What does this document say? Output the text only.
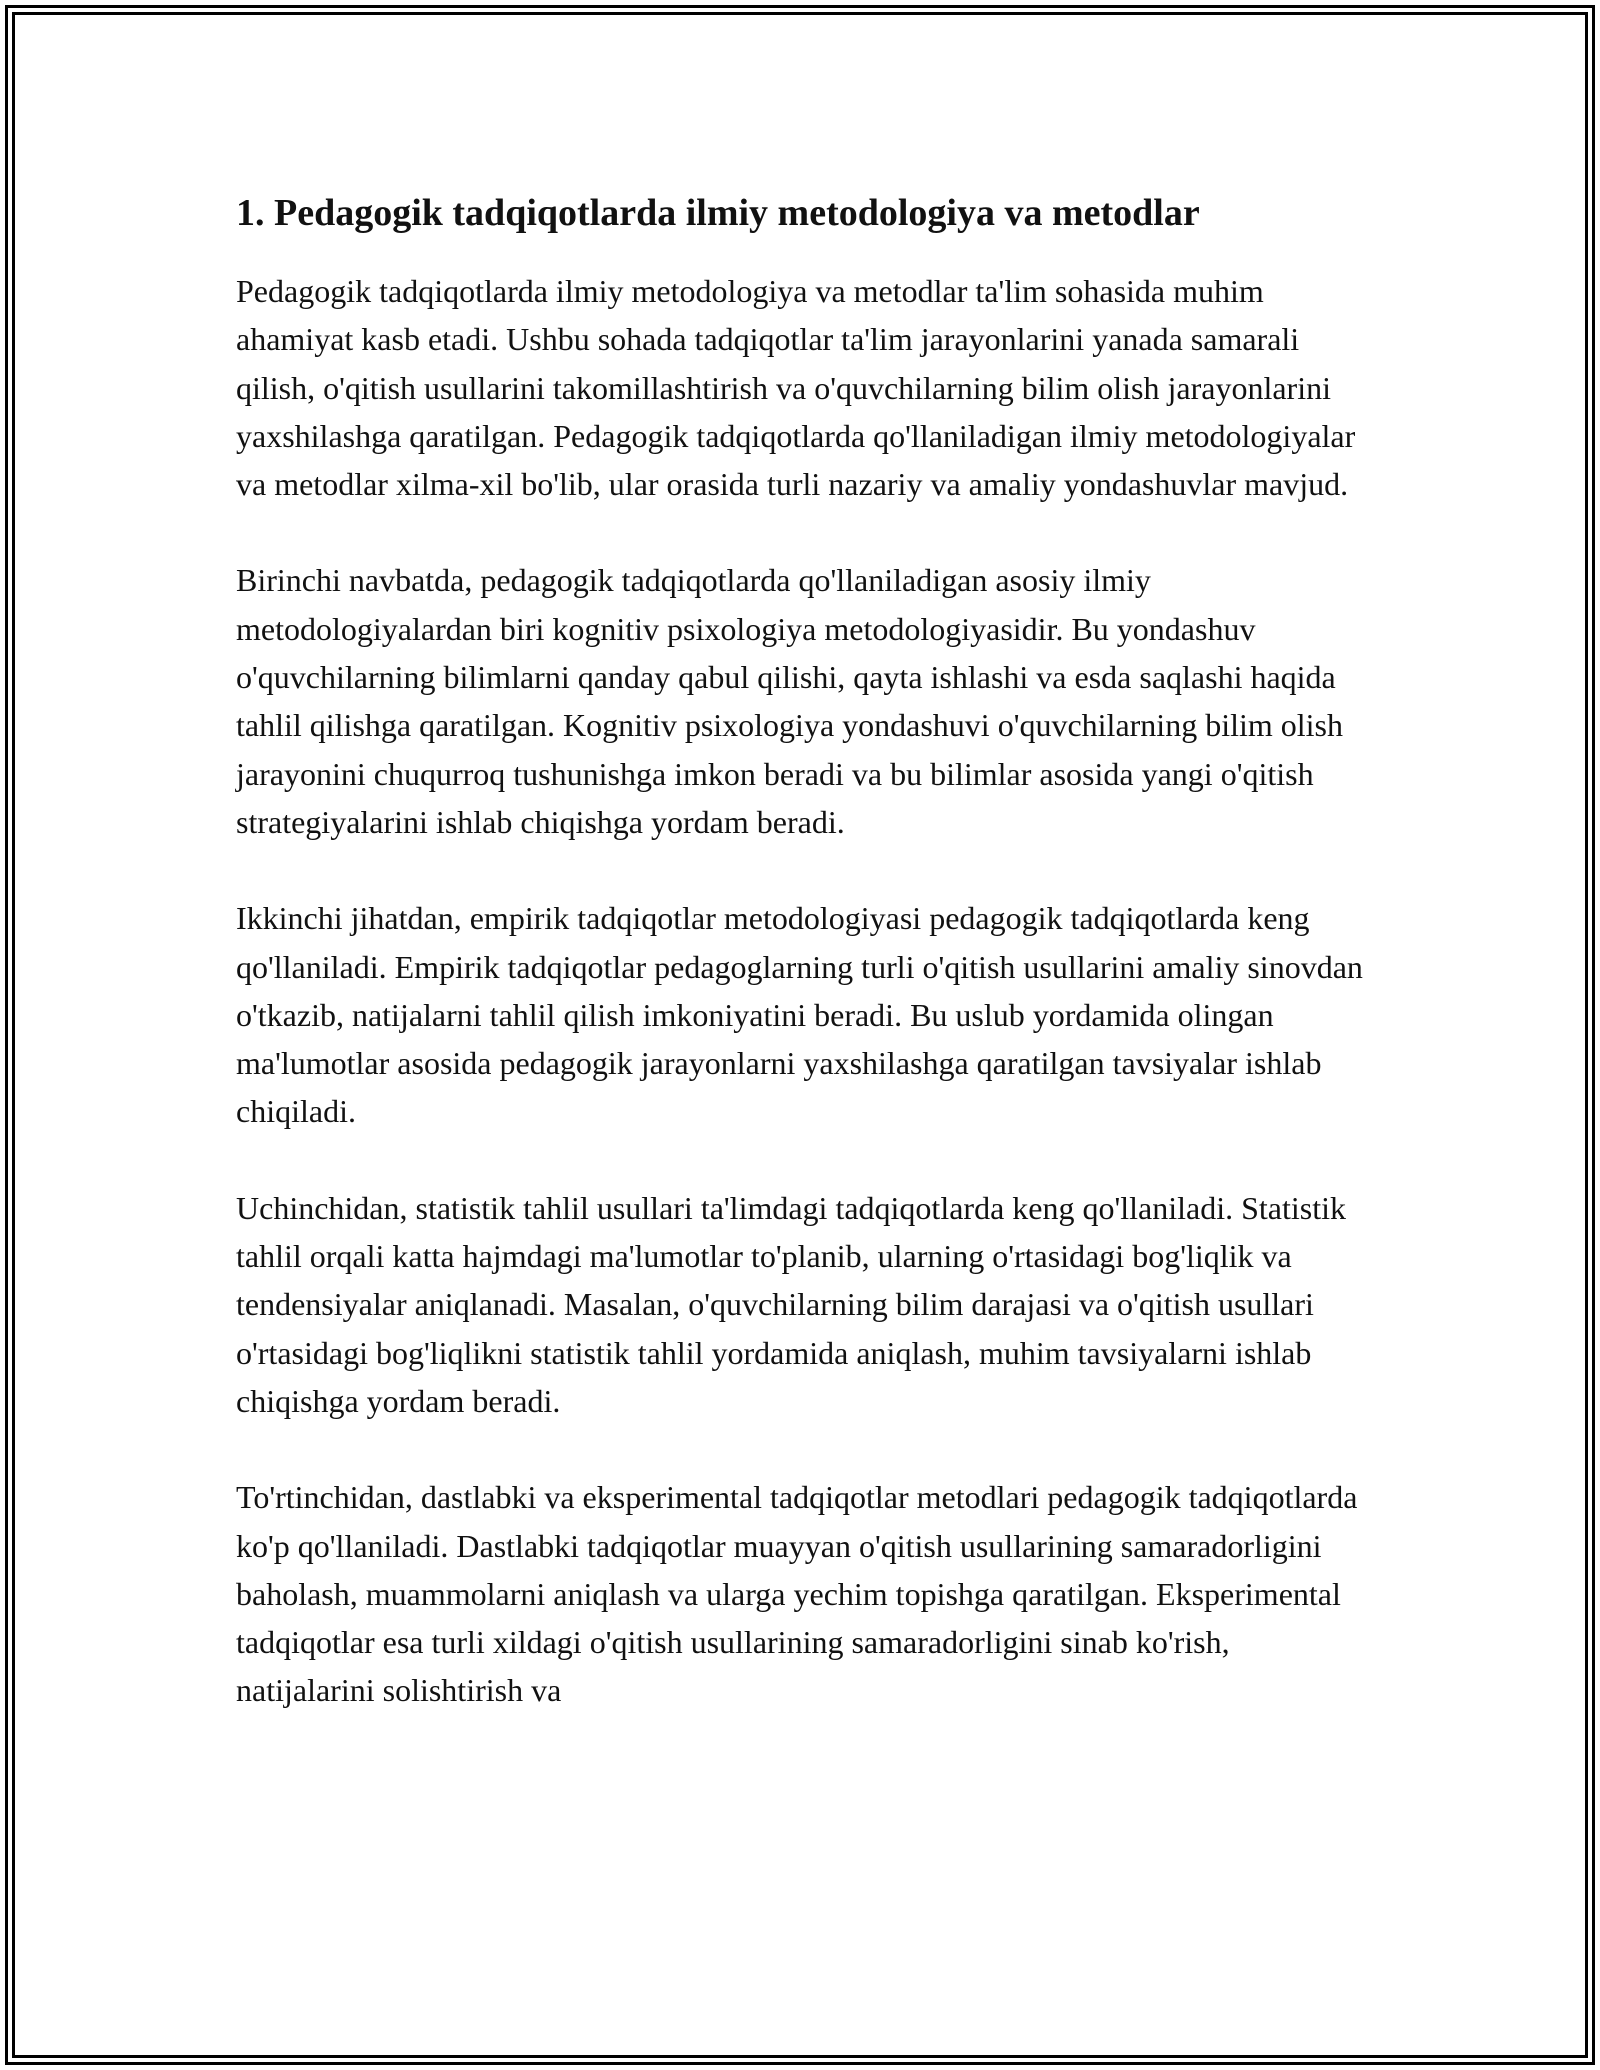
1. Pedagogik tadqiqotlarda ilmiy metodologiya va metodlar

Pedagogik tadqiqotlarda ilmiy metodologiya va metodlar ta'lim sohasida muhim ahamiyat kasb etadi. Ushbu sohada tadqiqotlar ta'lim jarayonlarini yanada samarali qilish, o'qitish usullarini takomillashtirish va o'quvchilarning bilim olish jarayonlarini yaxshilashga qaratilgan. Pedagogik tadqiqotlarda qo'llaniladigan ilmiy metodologiyalar va metodlar xilma-xil bo'lib, ular orasida turli nazariy va amaliy yondashuvlar mavjud.

Birinchi navbatda, pedagogik tadqiqotlarda qo'llaniladigan asosiy ilmiy metodologiyalardan biri kognitiv psixologiya metodologiyasidir. Bu yondashuv o'quvchilarning bilimlarni qanday qabul qilishi, qayta ishlashi va esda saqlashi haqida tahlil qilishga qaratilgan. Kognitiv psixologiya yondashuvi o'quvchilarning bilim olish jarayonini chuqurroq tushunishga imkon beradi va bu bilimlar asosida yangi o'qitish strategiyalarini ishlab chiqishga yordam beradi.

Ikkinchi jihatdan, empirik tadqiqotlar metodologiyasi pedagogik tadqiqotlarda keng qo'llaniladi. Empirik tadqiqotlar pedagoglarning turli o'qitish usullarini amaliy sinovdan o'tkazib, natijalarni tahlil qilish imkoniyatini beradi. Bu uslub yordamida olingan ma'lumotlar asosida pedagogik jarayonlarni yaxshilashga qaratilgan tavsiyalar ishlab chiqiladi.

Uchinchidan, statistik tahlil usullari ta'limdagi tadqiqotlarda keng qo'llaniladi. Statistik tahlil orqali katta hajmdagi ma'lumotlar to'planib, ularning o'rtasidagi bog'liqlik va tendensiyalar aniqlanadi. Masalan, o'quvchilarning bilim darajasi va o'qitish usullari o'rtasidagi bog'liqlikni statistik tahlil yordamida aniqlash, muhim tavsiyalarni ishlab chiqishga yordam beradi.

To'rtinchidan, dastlabki va eksperimental tadqiqotlar metodlari pedagogik tadqiqotlarda ko'p qo'llaniladi. Dastlabki tadqiqotlar muayyan o'qitish usullarining samaradorligini baholash, muammolarni aniqlash va ularga yechim topishga qaratilgan. Eksperimental tadqiqotlar esa turli xildagi o'qitish usullarining samaradorligini sinab ko'rish, natijalarini solishtirish va
